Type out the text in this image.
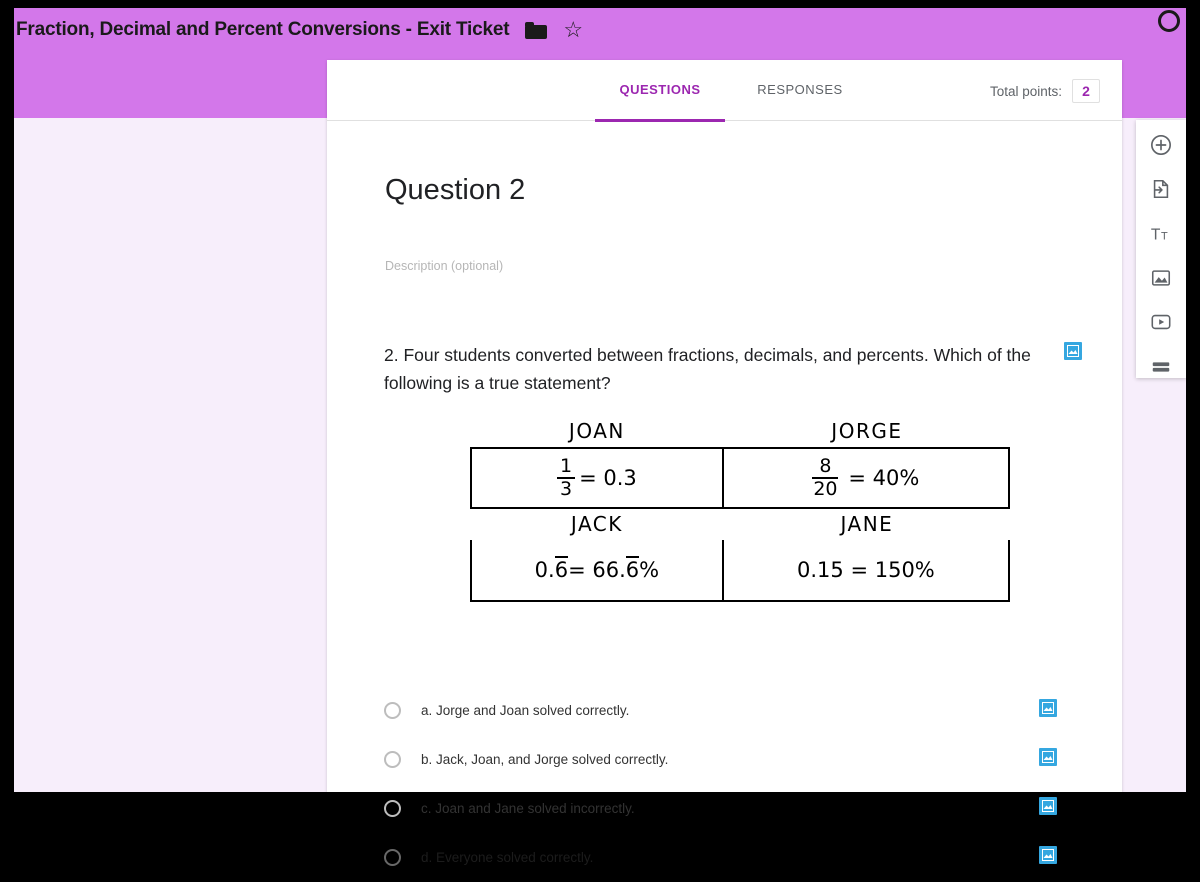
Fraction, Decimal and Percent Conversions - Exit Ticket ☆
QUESTIONS	RESPONSES	Total points:	2
Question 2
Description (optional)
2. Four students converted between fractions, decimals, and percents. Which of the following is a true statement?
JOAN	JORGE
$\frac{1}{3} = 0.3$	$\frac{8}{20} = 40\%$
JACK	JANE
0. 6 = 66. 6 %	0.15 = 150%
a. Jorge and Joan solved correctly.
b. Jack, Joan, and Jorge solved correctly.
c. Joan and Jane solved incorrectly.
d. Everyone solved correctly.
T T
